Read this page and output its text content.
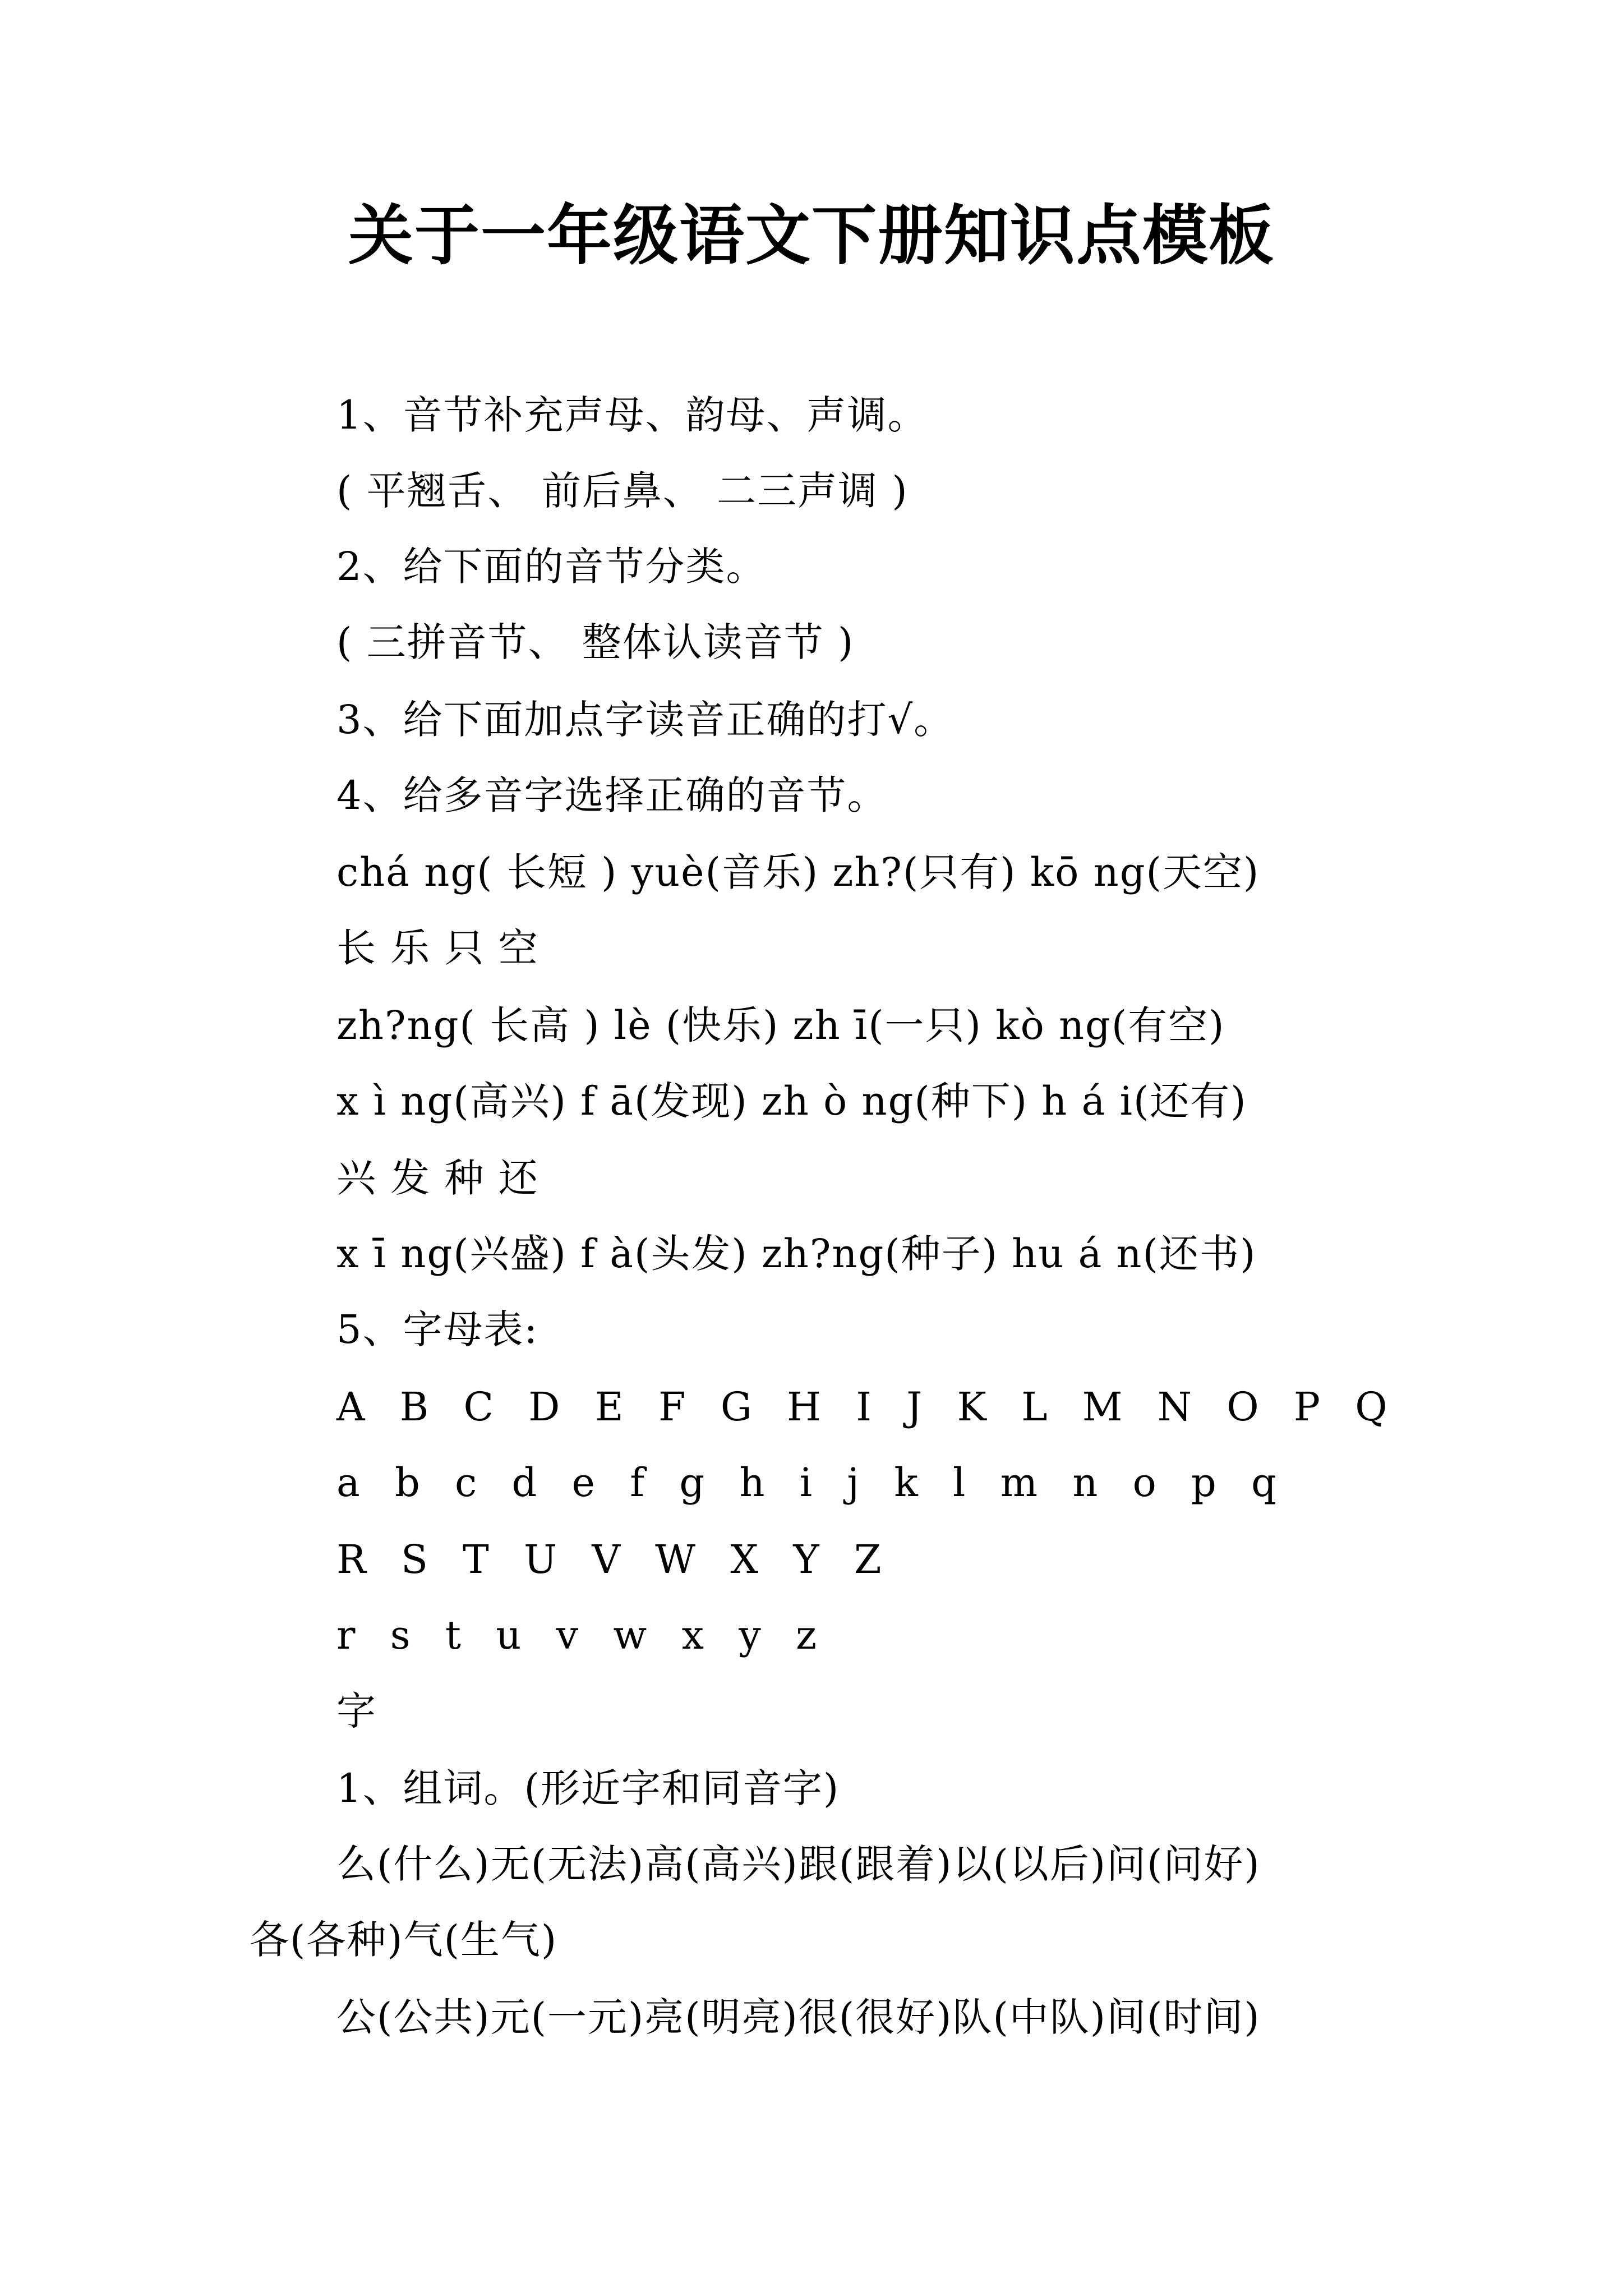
关于一年级语文下册知识点模板
1、音节补充声母、韵母、声调。
( 平翘舌、 前后鼻、 二三声调 )
2、给下面的音节分类。
( 三拼音节、 整体认读音节 )
3、给下面加点字读音正确的打√。
4、给多音字选择正确的音节。
chá ng( 长短 ) yuè(音乐) zh?(只有) kō ng(天空)
长 乐 只 空
zh?ng( 长高 ) lè (快乐) zh ī(一只) kò ng(有空)
x ì ng(高兴) f ā(发现) zh ò ng(种下) h á i(还有)
兴 发 种 还
x ī ng(兴盛) f à(头发) zh?ng(种子) hu á n(还书)
5、字母表:
A B C D E F G H I J K L M N O P Q
a b c d e f g h i j k l m n o p q
R S T U V W X Y Z
r s t u v w x y z
字
1、组词。(形近字和同音字)
么(什么)无(无法)高(高兴)跟(跟着)以(以后)问(问好)
各(各种)气(生气)
公(公共)元(一元)亮(明亮)很(很好)队(中队)间(时间)
